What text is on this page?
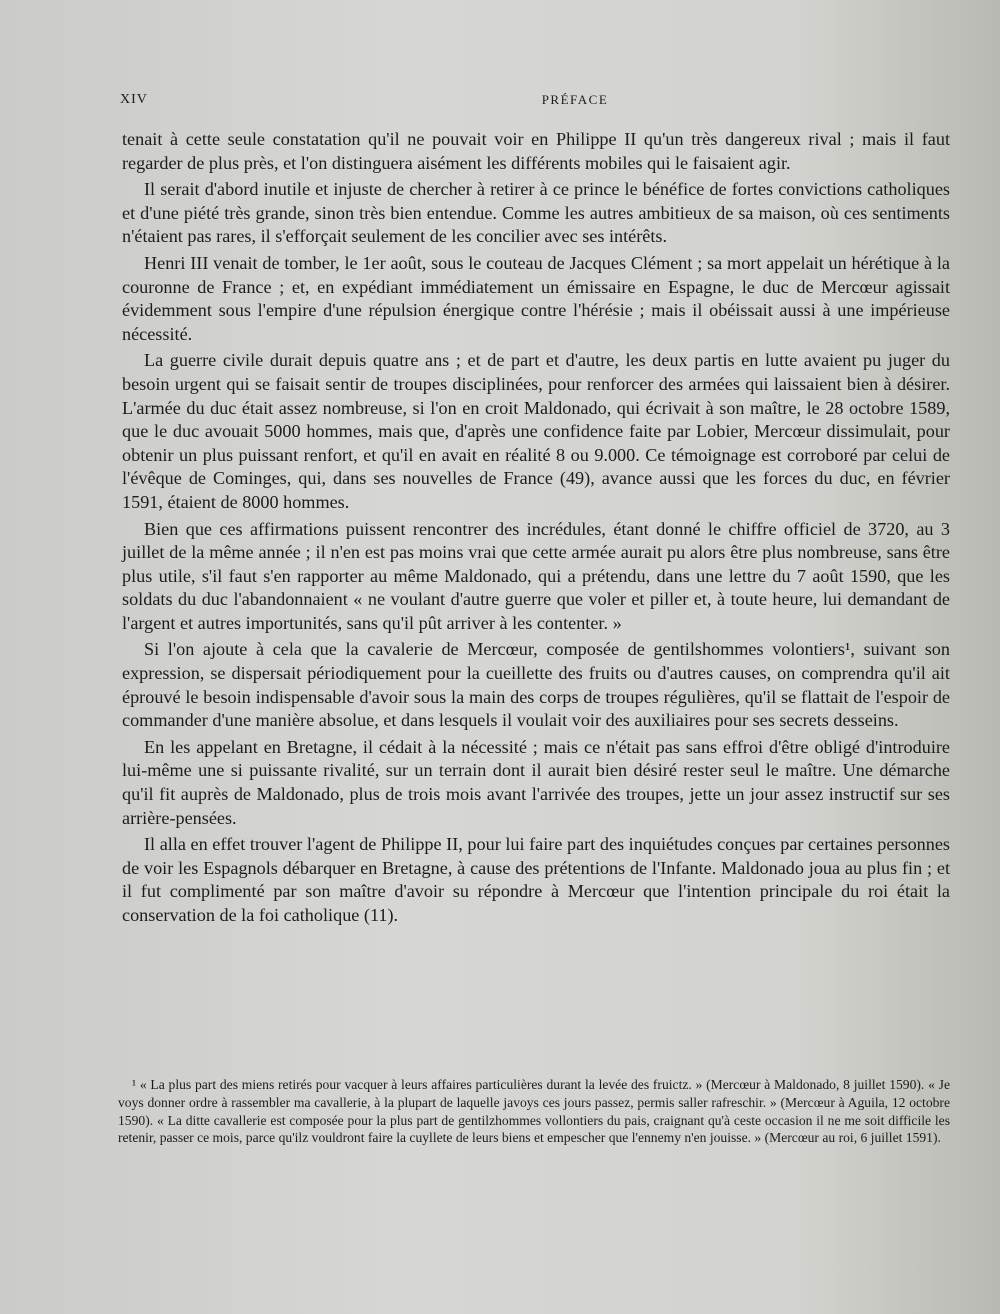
XIV	PRÉFACE

tenait à cette seule constatation qu'il ne pouvait voir en Philippe II qu'un très dangereux rival ; mais il faut regarder de plus près, et l'on distinguera aisément les différents mobiles qui le faisaient agir.

Il serait d'abord inutile et injuste de chercher à retirer à ce prince le bénéfice de fortes convictions catholiques et d'une piété très grande, sinon très bien entendue. Comme les autres ambitieux de sa maison, où ces sentiments n'étaient pas rares, il s'efforçait seulement de les concilier avec ses intérêts.

Henri III venait de tomber, le 1er août, sous le couteau de Jacques Clément ; sa mort appelait un hérétique à la couronne de France ; et, en expédiant immédiatement un émissaire en Espagne, le duc de Mercœur agissait évidemment sous l'empire d'une répulsion énergique contre l'hérésie ; mais il obéissait aussi à une impérieuse nécessité.

La guerre civile durait depuis quatre ans ; et de part et d'autre, les deux partis en lutte avaient pu juger du besoin urgent qui se faisait sentir de troupes disciplinées, pour renforcer des armées qui laissaient bien à désirer. L'armée du duc était assez nombreuse, si l'on en croit Maldonado, qui écrivait à son maître, le 28 octobre 1589, que le duc avouait 5000 hommes, mais que, d'après une confidence faite par Lobier, Mercœur dissimulait, pour obtenir un plus puissant renfort, et qu'il en avait en réalité 8 ou 9.000. Ce témoignage est corroboré par celui de l'évêque de Cominges, qui, dans ses nouvelles de France (49), avance aussi que les forces du duc, en février 1591, étaient de 8000 hommes.

Bien que ces affirmations puissent rencontrer des incrédules, étant donné le chiffre officiel de 3720, au 3 juillet de la même année ; il n'en est pas moins vrai que cette armée aurait pu alors être plus nombreuse, sans être plus utile, s'il faut s'en rapporter au même Maldonado, qui a prétendu, dans une lettre du 7 août 1590, que les soldats du duc l'abandonnaient « ne voulant d'autre guerre que voler et piller et, à toute heure, lui demandant de l'argent et autres importunités, sans qu'il pût arriver à les contenter. »

Si l'on ajoute à cela que la cavalerie de Mercœur, composée de gentilshommes volontiers¹, suivant son expression, se dispersait périodiquement pour la cueillette des fruits ou d'autres causes, on comprendra qu'il ait éprouvé le besoin indispensable d'avoir sous la main des corps de troupes régulières, qu'il se flattait de l'espoir de commander d'une manière absolue, et dans lesquels il voulait voir des auxiliaires pour ses secrets desseins.

En les appelant en Bretagne, il cédait à la nécessité ; mais ce n'était pas sans effroi d'être obligé d'introduire lui-même une si puissante rivalité, sur un terrain dont il aurait bien désiré rester seul le maître. Une démarche qu'il fit auprès de Maldonado, plus de trois mois avant l'arrivée des troupes, jette un jour assez instructif sur ses arrière-pensées.

Il alla en effet trouver l'agent de Philippe II, pour lui faire part des inquiétudes conçues par certaines personnes de voir les Espagnols débarquer en Bretagne, à cause des prétentions de l'Infante. Maldonado joua au plus fin ; et il fut complimenté par son maître d'avoir su répondre à Mercœur que l'intention principale du roi était la conservation de la foi catholique (11).

¹ « La plus part des miens retirés pour vacquer à leurs affaires particulières durant la levée des fruictz. » (Mercœur à Maldonado, 8 juillet 1590). « Je voys donner ordre à rassembler ma cavallerie, à la plupart de laquelle javoys ces jours passez, permis saller rafreschir. » (Mercœur à Aguila, 12 octobre 1590). « La ditte cavallerie est composée pour la plus part de gentilzhommes vollontiers du pais, craignant qu'à ceste occasion il ne me soit difficile les retenir, passer ce mois, parce qu'ilz vouldront faire la cuyllete de leurs biens et empescher que l'ennemy n'en jouisse. » (Mercœur au roi, 6 juillet 1591).
